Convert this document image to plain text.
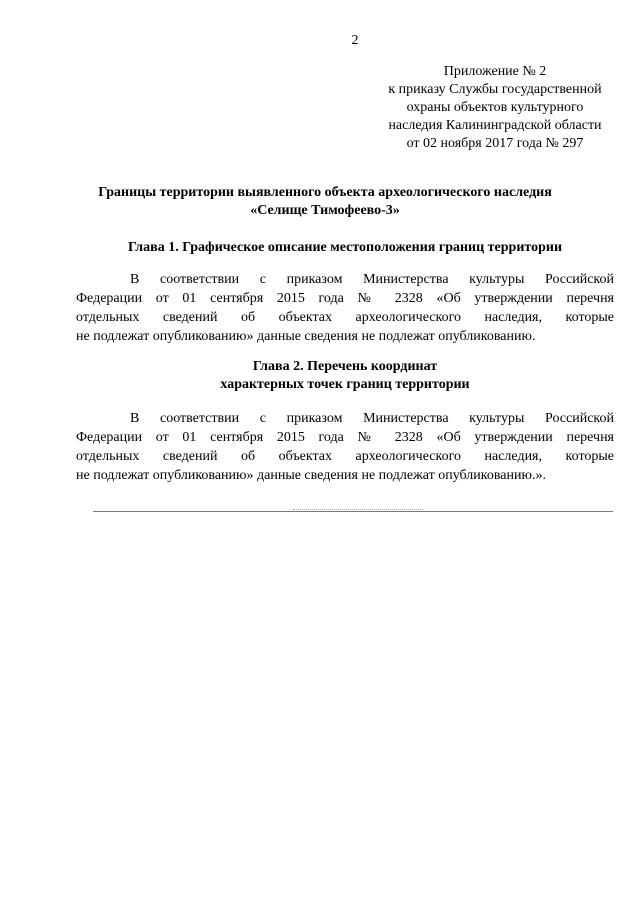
2
Приложение № 2
к приказу Службы государственной
охраны объектов культурного
наследия Калининградской области
от 02 ноября 2017 года № 297
Границы территории выявленного объекта археологического наследия
«Селище Тимофеево-3»
Глава 1. Графическое описание местоположения границ территории
В соответствии с приказом Министерства культуры Российской
Федерации от 01 сентября 2015 года № 2328 «Об утверждении перечня
отдельных сведений об объектах археологического наследия, которые
не подлежат опубликованию» данные сведения не подлежат опубликованию.
Глава 2. Перечень координат
характерных точек границ территории
В соответствии с приказом Министерства культуры Российской
Федерации от 01 сентября 2015 года № 2328 «Об утверждении перечня
отдельных сведений об объектах археологического наследия, которые
не подлежат опубликованию» данные сведения не подлежат опубликованию.».
